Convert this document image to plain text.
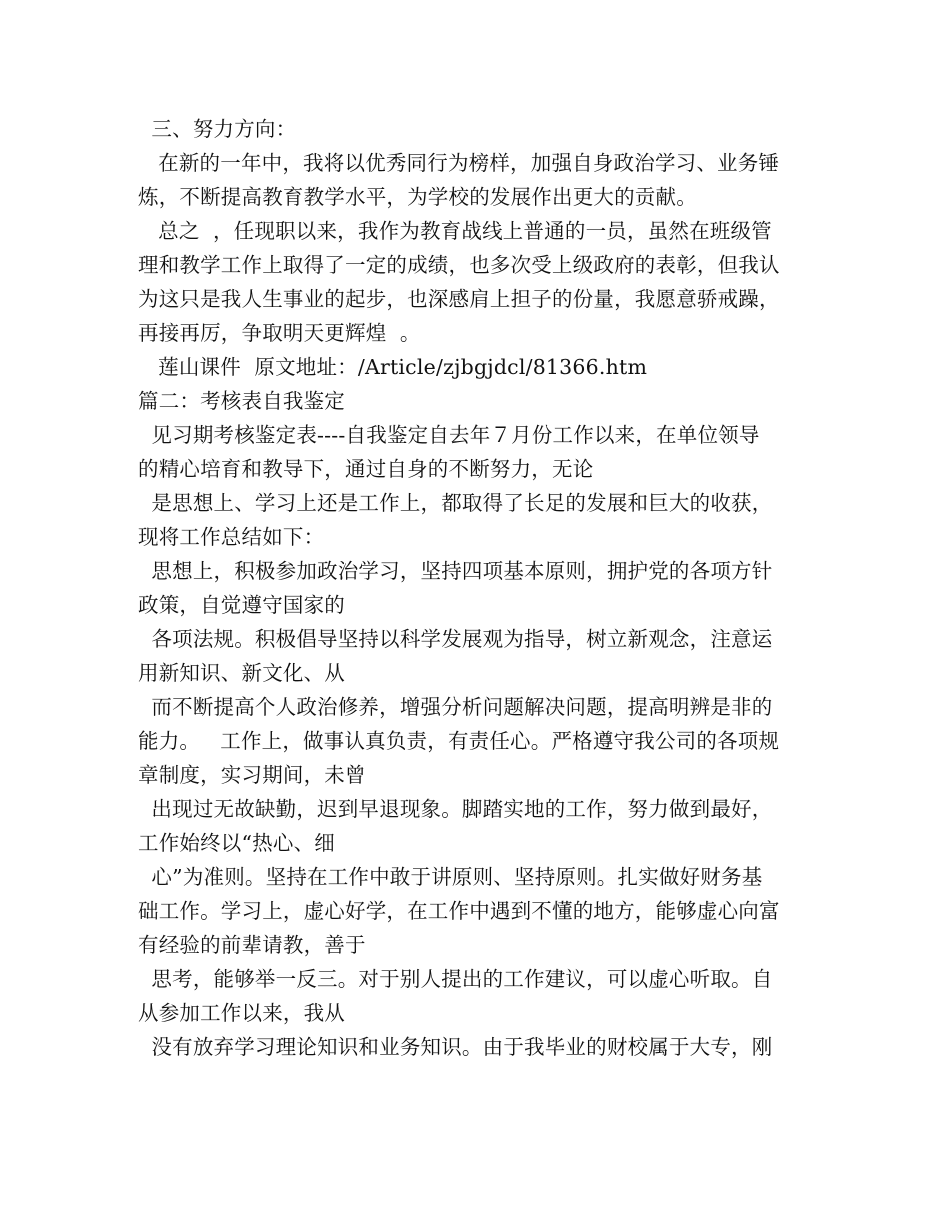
三、努力方向：
在新的一年中，我将以优秀同行为榜样，加强自身政治学习、业务锤
炼，不断提高教育教学水平，为学校的发展作出更大的贡献。
总之  ，任现职以来，我作为教育战线上普通的一员，虽然在班级管
理和教学工作上取得了一定的成绩，也多次受上级政府的表彰，但我认
为这只是我人生事业的起步，也深感肩上担子的份量，我愿意骄戒躁，
再接再厉，争取明天更辉煌  。
莲山课件  原文地址：/Article/zjbgjdcl/81366.htm
篇二：考核表自我鉴定
见习期考核鉴定表----自我鉴定自去年７月份工作以来，在单位领导
的精心培育和教导下，通过自身的不断努力，无论
是思想上、学习上还是工作上，都取得了长足的发展和巨大的收获，
现将工作总结如下：
思想上，积极参加政治学习，坚持四项基本原则，拥护党的各项方针
政策，自觉遵守国家的
各项法规。积极倡导坚持以科学发展观为指导，树立新观念，注意运
用新知识、新文化、从
而不断提高个人政治修养，增强分析问题解决问题，提高明辨是非的
能力。   工作上，做事认真负责，有责任心。严格遵守我公司的各项规
章制度，实习期间，未曾
出现过无故缺勤，迟到早退现象。脚踏实地的工作，努力做到最好，
工作始终以“热心、细
心”为准则。坚持在工作中敢于讲原则、坚持原则。扎实做好财务基
础工作。学习上，虚心好学，在工作中遇到不懂的地方，能够虚心向富
有经验的前辈请教，善于
思考，能够举一反三。对于别人提出的工作建议，可以虚心听取。自
从参加工作以来，我从
没有放弃学习理论知识和业务知识。由于我毕业的财校属于大专，刚
